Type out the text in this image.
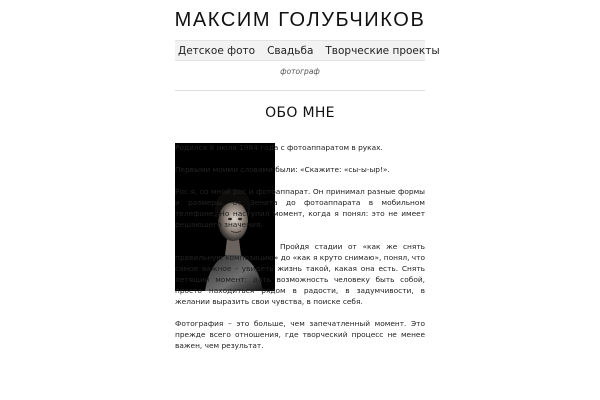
МАКСИМ ГОЛУБЧИКОВ
Детское фото Свадьба Творческие проекты
фотограф
ОБО МНЕ

Родился 8 июля 1984 года с фотоаппаратом в руках.

Первыми моими словами были: «Скажите: «сы-ы-ыр!».

Рос я, со мной рос и фотоаппарат. Он принимал разные формы и размеры, от Зенита до фотоаппарата в мобильном телефоне. Но наступил момент, когда я понял: это не имеет решающего значения.

Пройдя стадии от «как же снять правильную композицию» до «как я круто снимаю», понял, что самое важное - увидеть жизнь такой, какая она есть. Снять летящий момент: дать возможность человеку быть собой, просто находиться рядом в радости, в задумчивости, в желании выразить свои чувства, в поиске себя.

Фотография – это больше, чем запечатленный момент. Это прежде всего отношения, где творческий процесс не менее важен, чем результат.
